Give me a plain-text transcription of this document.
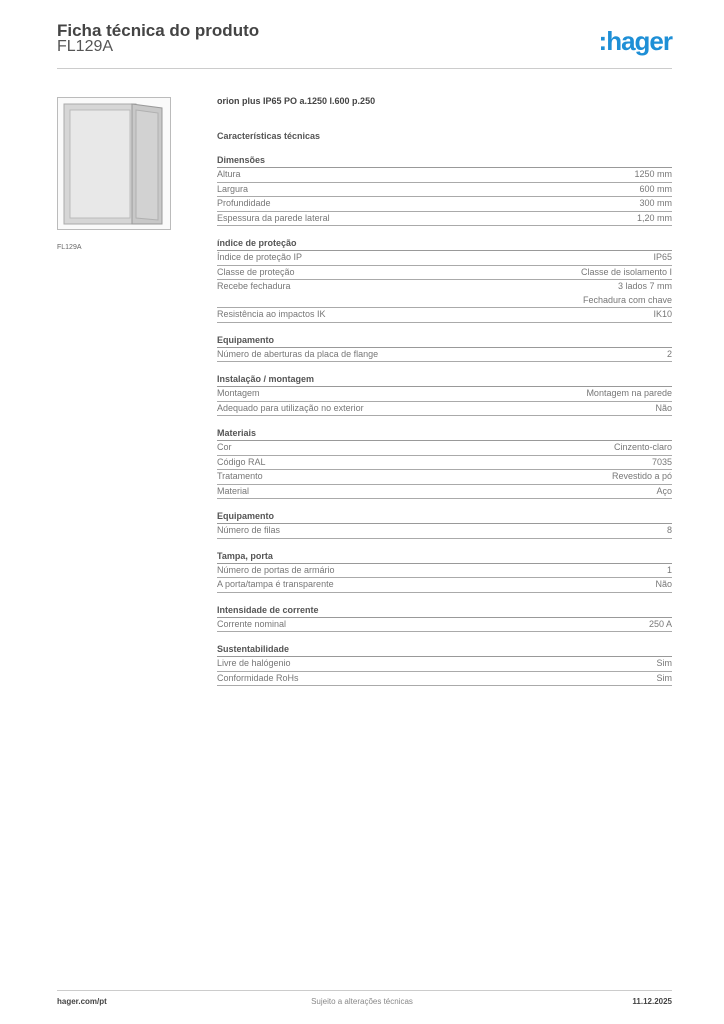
Ficha técnica do produto
FL129A	:hager
FL129A
orion plus IP65 PO a.1250 l.600 p.250
Características técnicas
Dimensões
Altura	1250 mm
Largura	600 mm
Profundidade	300 mm
Espessura da parede lateral	1,20 mm
índice de proteção
Índice de proteção IP	IP65
Classe de proteção	Classe de isolamento I
Recebe fechadura	3 lados 7 mm
Fechadura com chave
Resistência ao impactos IK	IK10
Equipamento
Número de aberturas da placa de flange	2
Instalação / montagem
Montagem	Montagem na parede
Adequado para utilização no exterior	Não
Materiais
Cor	Cinzento-claro
Código RAL	7035
Tratamento	Revestido a pó
Material	Aço
Equipamento
Número de filas	8
Tampa, porta
Número de portas de armário	1
A porta/tampa é transparente	Não
Intensidade de corrente
Corrente nominal	250 A
Sustentabilidade
Livre de halógenio	Sim
Conformidade RoHs	Sim
hager.com/pt	Sujeito a alterações técnicas	11.12.2025
